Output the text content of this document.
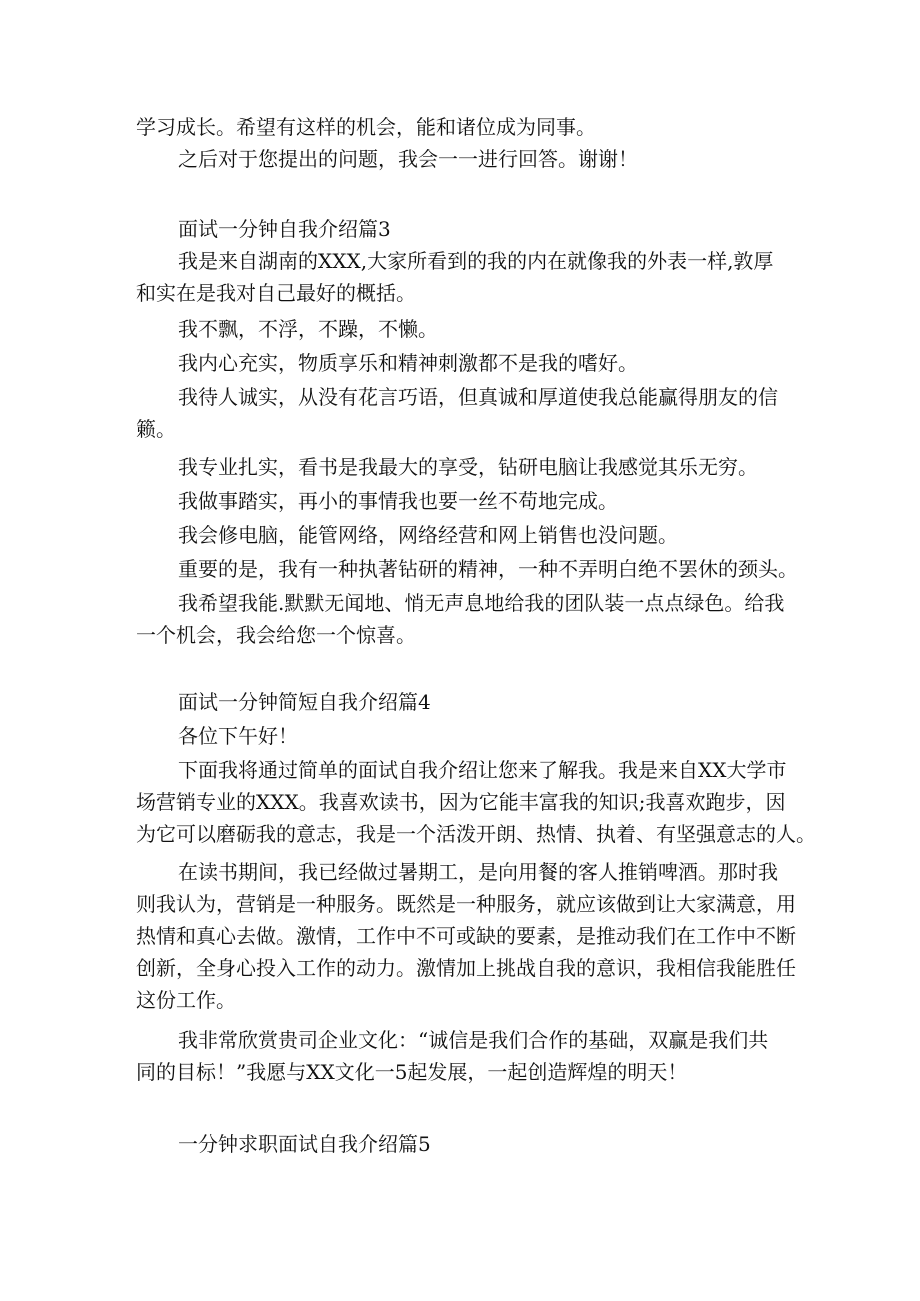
学习成长。希望有这样的机会，能和诸位成为同事。
之后对于您提出的问题，我会一一进行回答。谢谢！
面试一分钟自我介绍篇3
我是来自湖南的XXX,大家所看到的我的内在就像我的外表一样,敦厚
和实在是我对自己最好的概括。
我不飘，不浮，不躁，不懒。
我内心充实，物质享乐和精神刺激都不是我的嗜好。
我待人诚实，从没有花言巧语，但真诚和厚道使我总能赢得朋友的信
籁。
我专业扎实，看书是我最大的享受，钻研电脑让我感觉其乐无穷。
我做事踏实，再小的事情我也要一丝不苟地完成。
我会修电脑，能管网络，网络经营和网上销售也没问题。
重要的是，我有一种执著钻研的精神，一种不弄明白绝不罢休的颈头。
我希望我能.默默无闻地、悄无声息地给我的团队装一点点绿色。给我
一个机会，我会给您一个惊喜。
面试一分钟简短自我介绍篇4
各位下午好！
下面我将通过简单的面试自我介绍让您来了解我。我是来自XX大学市
场营销专业的XXX。我喜欢读书，因为它能丰富我的知识;我喜欢跑步，因
为它可以磨砺我的意志，我是一个活泼开朗、热情、执着、有坚强意志的人。
在读书期间，我已经做过暑期工，是向用餐的客人推销啤酒。那时我
则我认为，营销是一种服务。既然是一种服务，就应该做到让大家满意，用
热情和真心去做。激情，工作中不可或缺的要素，是推动我们在工作中不断
创新，全身心投入工作的动力。激情加上挑战自我的意识，我相信我能胜任
这份工作。
我非常欣赏贵司企业文化：“诚信是我们合作的基础，双赢是我们共
同的目标！”我愿与XX文化一5起发展，一起创造辉煌的明天！
一分钟求职面试自我介绍篇5
